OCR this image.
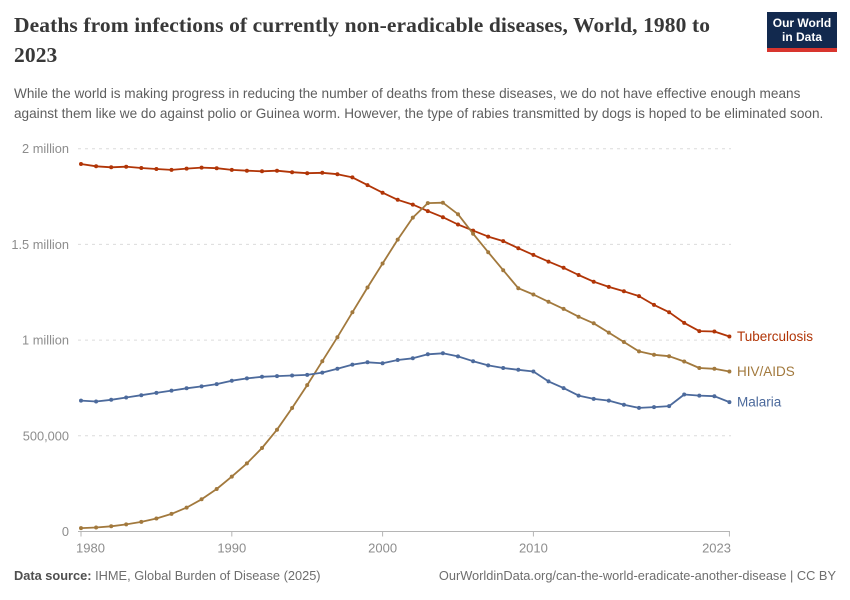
Deaths from infections of currently non-eradicable diseases, World, 1980 to 2023
Our World
in Data

While the world is making progress in reducing the number of deaths from these diseases, we do not have effective enough means against them like we do against polio or Guinea worm. However, the type of rabies transmitted by dogs is hoped to be eliminated soon.

0
500,000
1 million
1.5 million
2 million
1980	1990	2000	2010	2023
Tuberculosis
HIV/AIDS
Malaria
Data source: IHME, Global Burden of Disease (2025)	OurWorldinData.org/can-the-world-eradicate-another-disease | CC BY
